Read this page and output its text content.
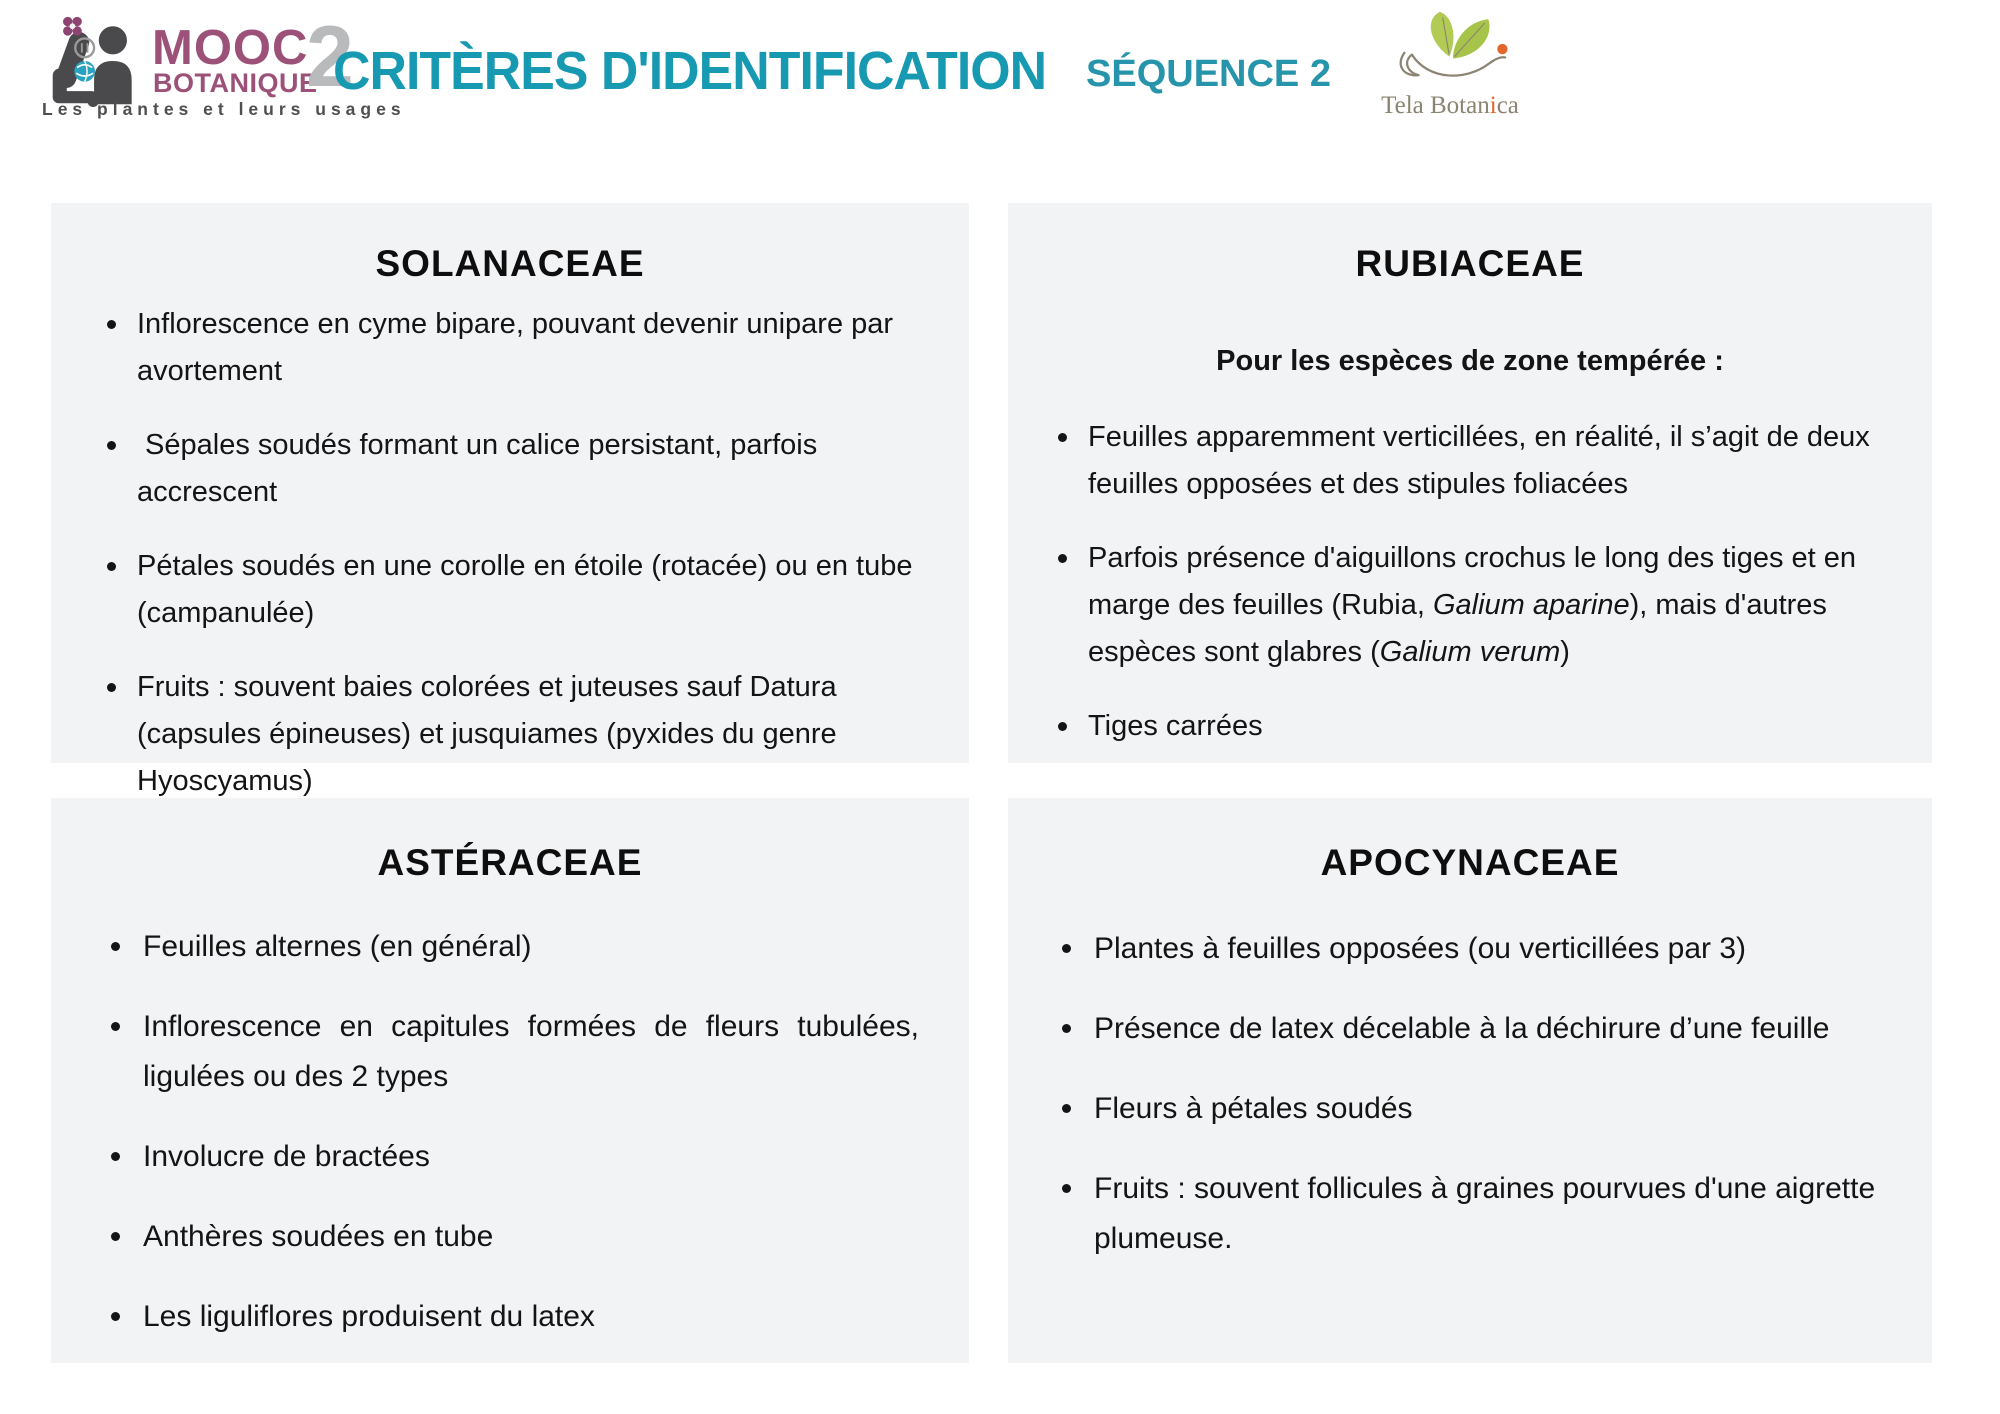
MOOC
BOTANIQUE
2
Les plantes et leurs usages
CRITÈRES D'IDENTIFICATION SÉQUENCE 2
Tela Botanica
SOLANACEAE
Inflorescence en cyme bipare, pouvant devenir unipare par avortement
Sépales soudés formant un calice persistant, parfois accrescent
Pétales soudés en une corolle en étoile (rotacée) ou en tube (campanulée)
Fruits : souvent baies colorées et juteuses sauf Datura (capsules épineuses) et jusquiames (pyxides du genre Hyoscyamus)
RUBIACEAE

Pour les espèces de zone tempérée :

Feuilles apparemment verticillées, en réalité, il s’agit de deux feuilles opposées et des stipules foliacées
Parfois présence d'aiguillons crochus le long des tiges et en marge des feuilles (Rubia, Galium aparine), mais d'autres espèces sont glabres (Galium verum)
Tiges carrées
ASTÉRACEAE
Feuilles alternes (en général)
Inflorescence en capitules formées de fleurs tubulées, ligulées ou des 2 types
Involucre de bractées
Anthères soudées en tube
Les liguliflores produisent du latex
APOCYNACEAE
Plantes à feuilles opposées (ou verticillées par 3)
Présence de latex décelable à la déchirure d’une feuille
Fleurs à pétales soudés
Fruits : souvent follicules à graines pourvues d'une aigrette plumeuse.
